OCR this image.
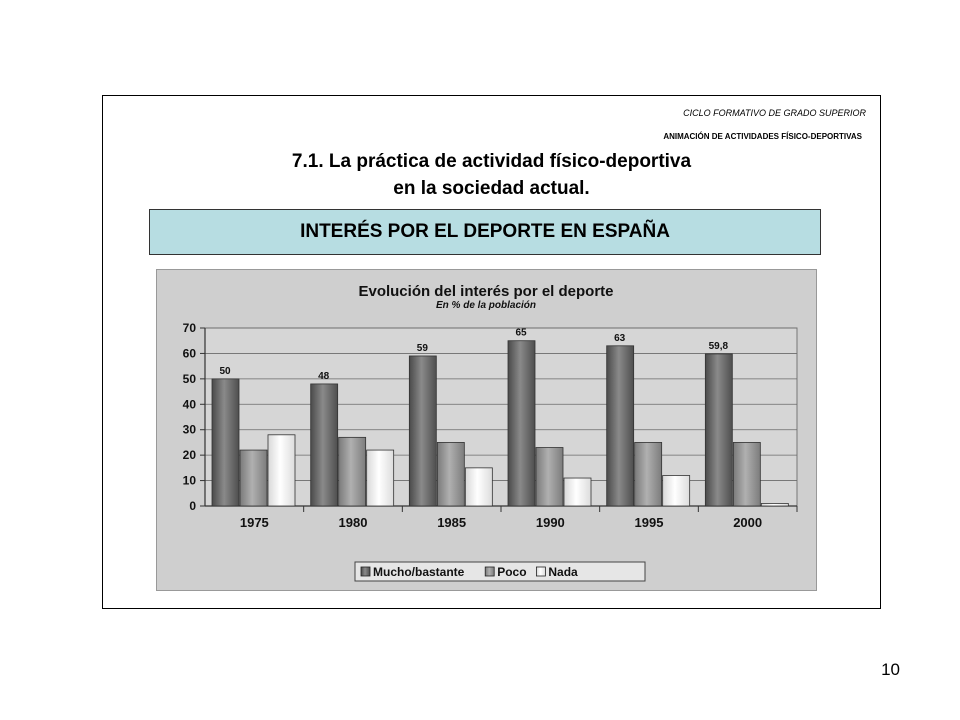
CICLO FORMATIVO DE GRADO SUPERIOR
ANIMACIÓN DE ACTIVIDADES FÍSICO-DEPORTIVAS
7.1. La práctica de actividad físico-deportiva
en la sociedad actual.
INTERÉS POR EL DEPORTE EN ESPAÑA
Evolución del interés por el deporte
En % de la población
0
10
20
30
40
50
60
70
50
1975
48
1980
59
1985
65
1990
63
1995
59,8
2000
Mucho/bastante	Poco Nada
10
